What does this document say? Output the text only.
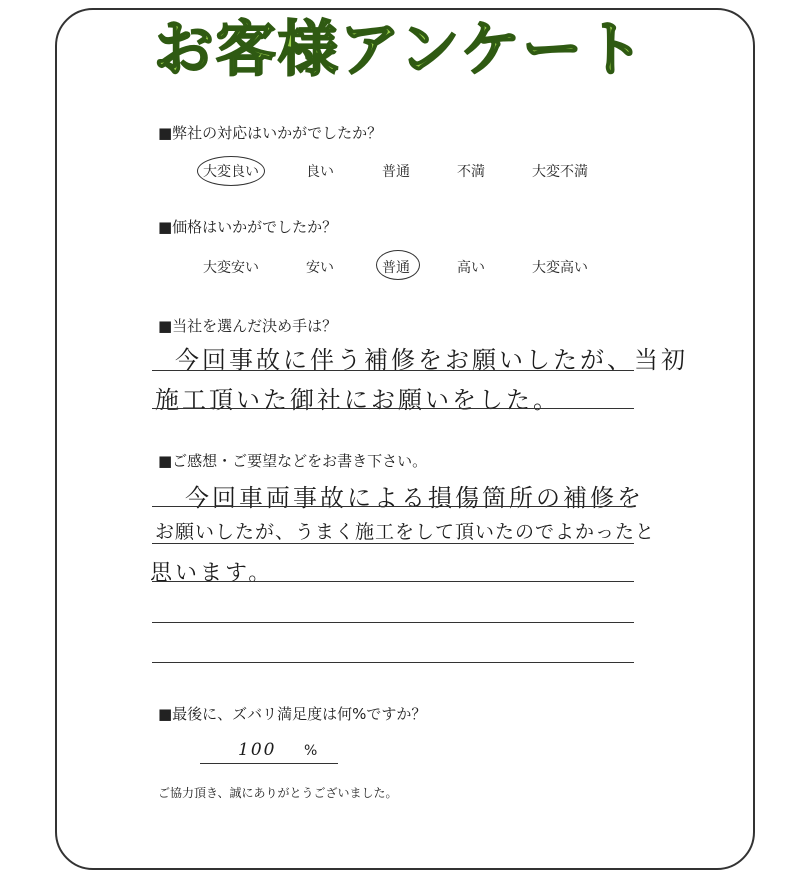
お客様アンケート
■弊社の対応はいかがでしたか？
大変良い	良い	普通	不満	大変不満
■価格はいかがでしたか？
大変安い	安い	普通	高い	大変高い
■当社を選んだ決め手は？
今回事故に伴う補修をお願いしたが、当初
施工頂いた御社にお願いをした。
■ご感想・ご要望などをお書き下さい。
今回車両事故による損傷箇所の補修を
お願いしたが、うまく施工をして頂いたのでよかったと
思います。
■最後に、ズバリ満足度は何%ですか？
100 %
ご協力頂き、誠にありがとうございました。
